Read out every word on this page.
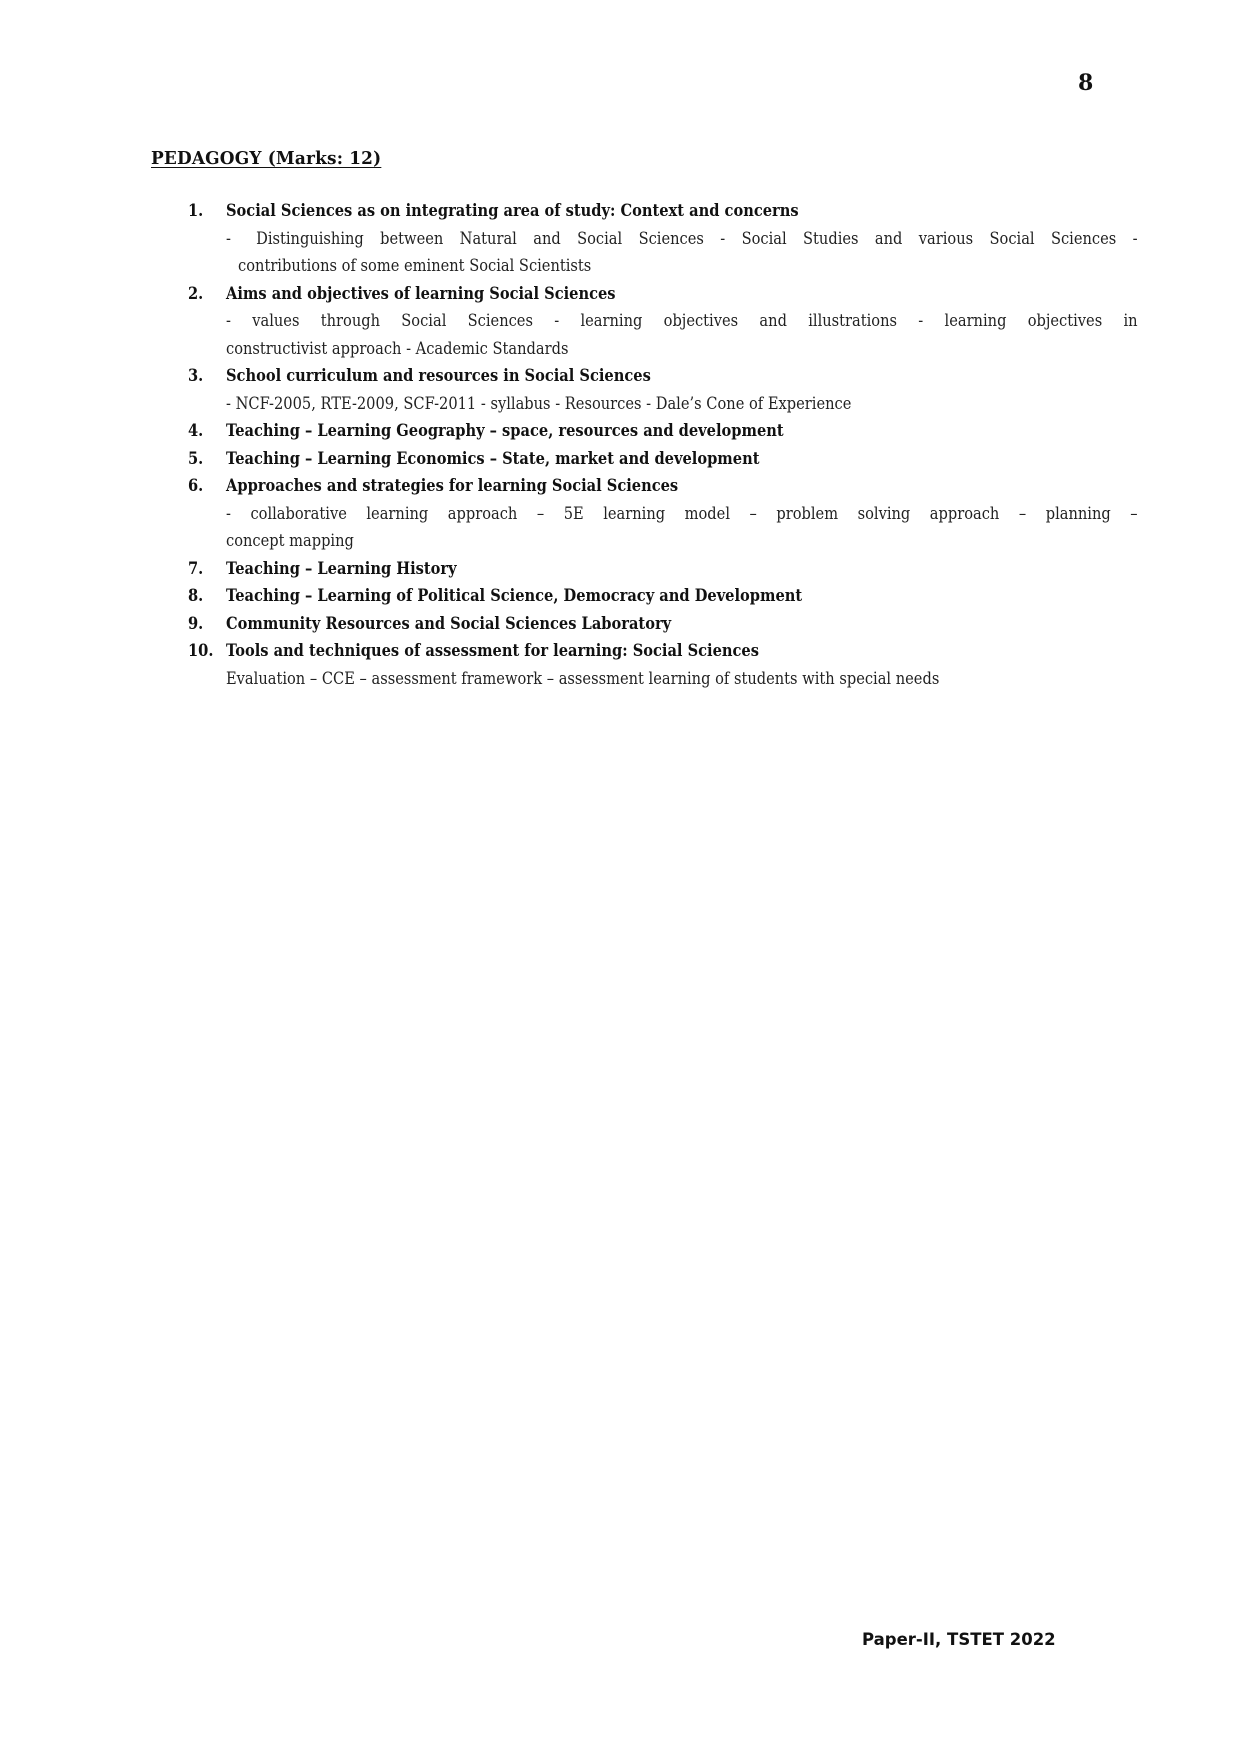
8
PEDAGOGY (Marks: 12)
1. Social Sciences as on integrating area of study: Context and concerns
- Distinguishing between Natural and Social Sciences - Social Studies and various Social Sciences -
contributions of some eminent Social Scientists
2. Aims and objectives of learning Social Sciences
- values through Social Sciences - learning objectives and illustrations - learning objectives in
constructivist approach - Academic Standards
3. School curriculum and resources in Social Sciences
- NCF-2005, RTE-2009, SCF-2011 - syllabus - Resources - Dale’s Cone of Experience
4. Teaching – Learning Geography – space, resources and development
5. Teaching – Learning Economics – State, market and development
6. Approaches and strategies for learning Social Sciences
- collaborative learning approach – 5E learning model – problem solving approach – planning –
concept mapping
7. Teaching – Learning History
8. Teaching – Learning of Political Science, Democracy and Development
9. Community Resources and Social Sciences Laboratory
10. Tools and techniques of assessment for learning: Social Sciences
Evaluation – CCE – assessment framework – assessment learning of students with special needs
Paper-II, TSTET 2022
